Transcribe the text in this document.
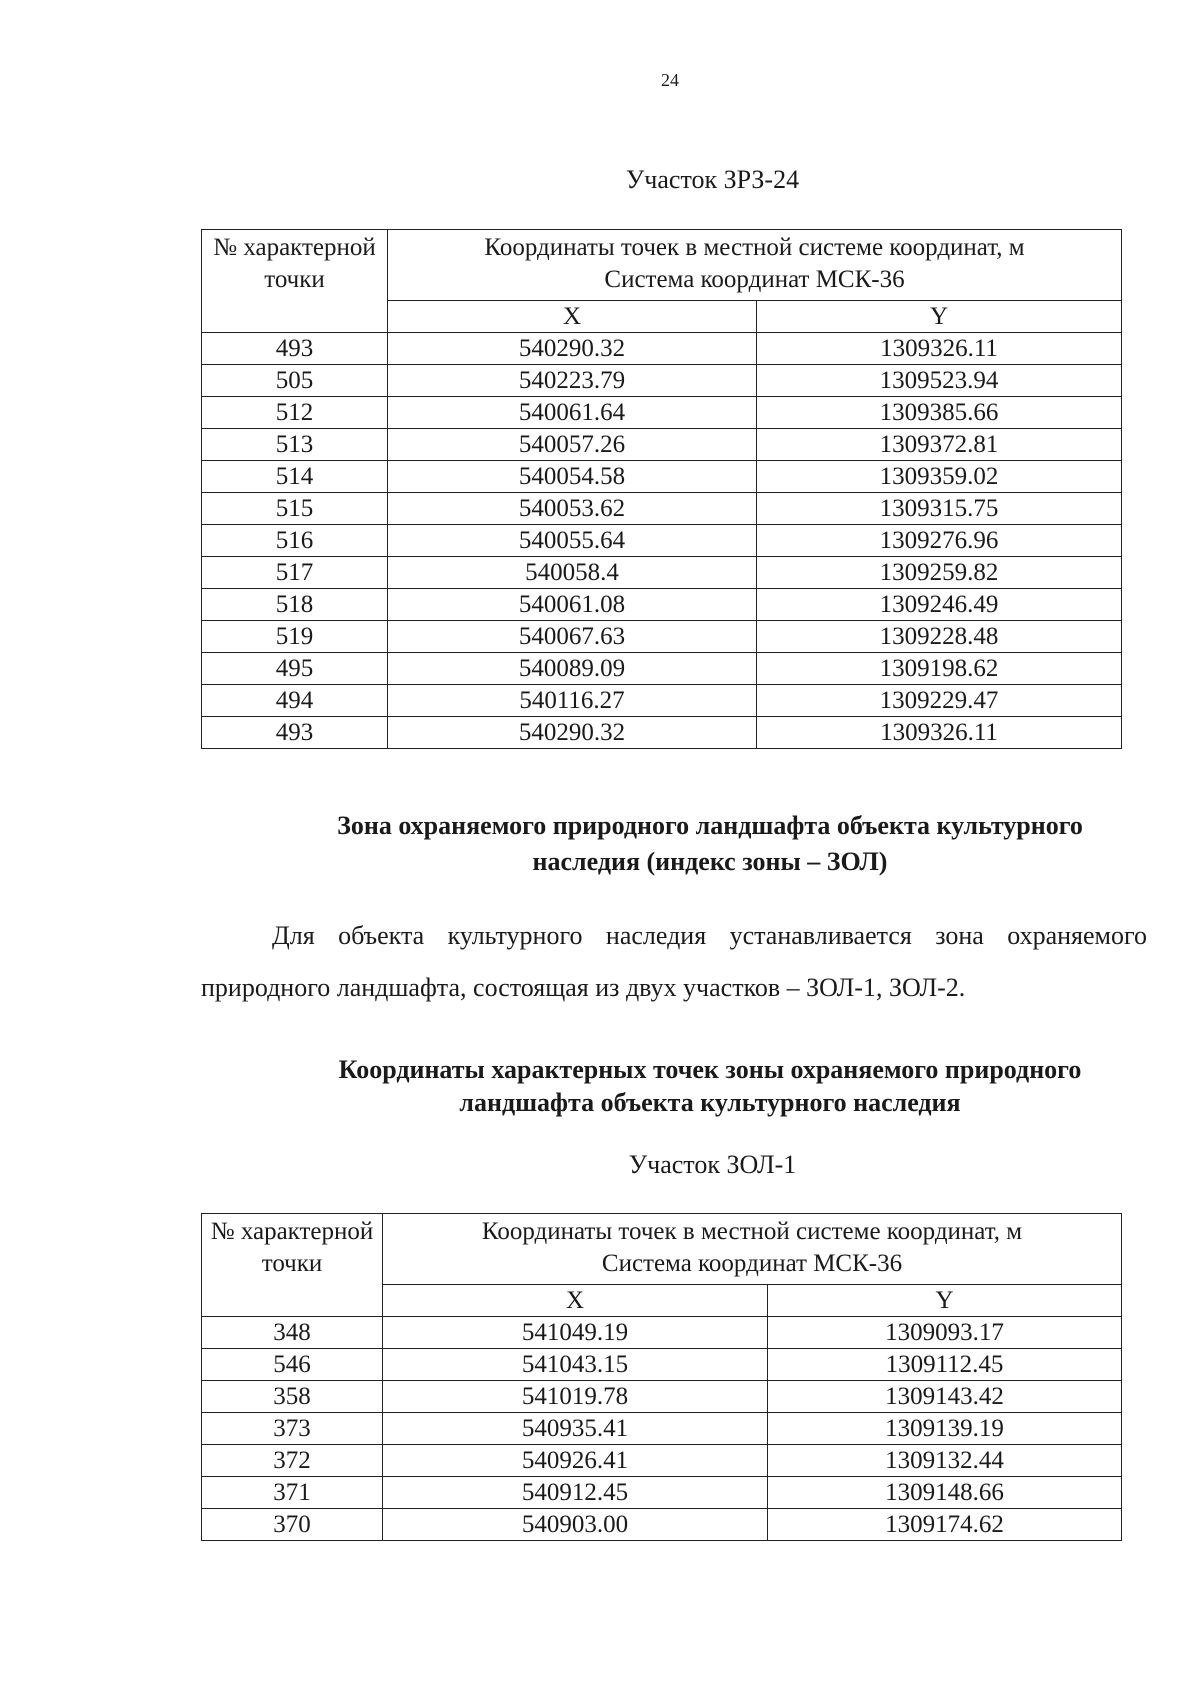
24
Участок ЗРЗ-24
№ характерной точки	Координаты точек в местной системе координат, м
Система координат МСК-36	

	X	Y
493	540290.32	1309326.11
505	540223.79	1309523.94
512	540061.64	1309385.66
513	540057.26	1309372.81
514	540054.58	1309359.02
515	540053.62	1309315.75
516	540055.64	1309276.96
517	540058.4	1309259.82
518	540061.08	1309246.49
519	540067.63	1309228.48
495	540089.09	1309198.62
494	540116.27	1309229.47
493	540290.32	1309326.11
Зона охраняемого природного ландшафта объекта культурного
наследия (индекс зоны – ЗОЛ)
Для объекта культурного наследия устанавливается зона охраняемого природного ландшафта, состоящая из двух участков – ЗОЛ-1, ЗОЛ-2.
Координаты характерных точек зоны охраняемого природного
ландшафта объекта культурного наследия
Участок ЗОЛ-1
№ характерной точки	Координаты точек в местной системе координат, м
Система координат МСК-36	

	X	Y
348	541049.19	1309093.17
546	541043.15	1309112.45
358	541019.78	1309143.42
373	540935.41	1309139.19
372	540926.41	1309132.44
371	540912.45	1309148.66
370	540903.00	1309174.62
